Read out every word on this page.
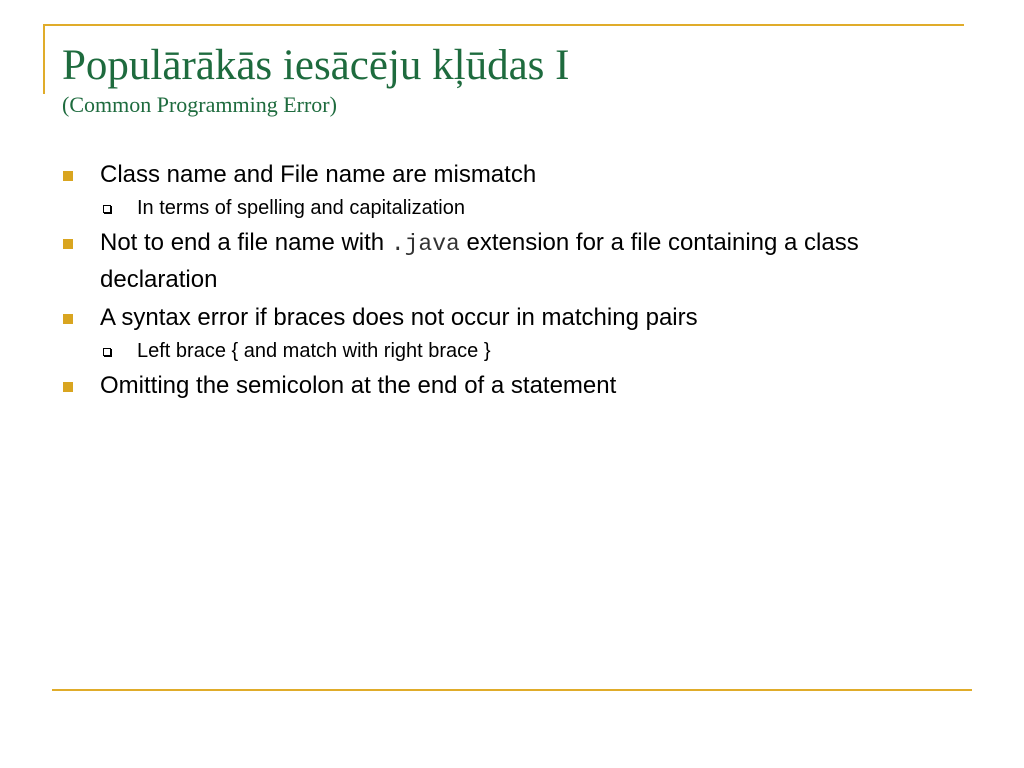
Populārākās iesācēju kļūdas I
(Common Programming Error)
Class name and File name are mismatch
In terms of spelling and capitalization
Not to end a file name with .java extension for a file containing a class declaration
A syntax error if braces does not occur in matching pairs
Left brace { and match with right brace }
Omitting the semicolon at the end of a statement
